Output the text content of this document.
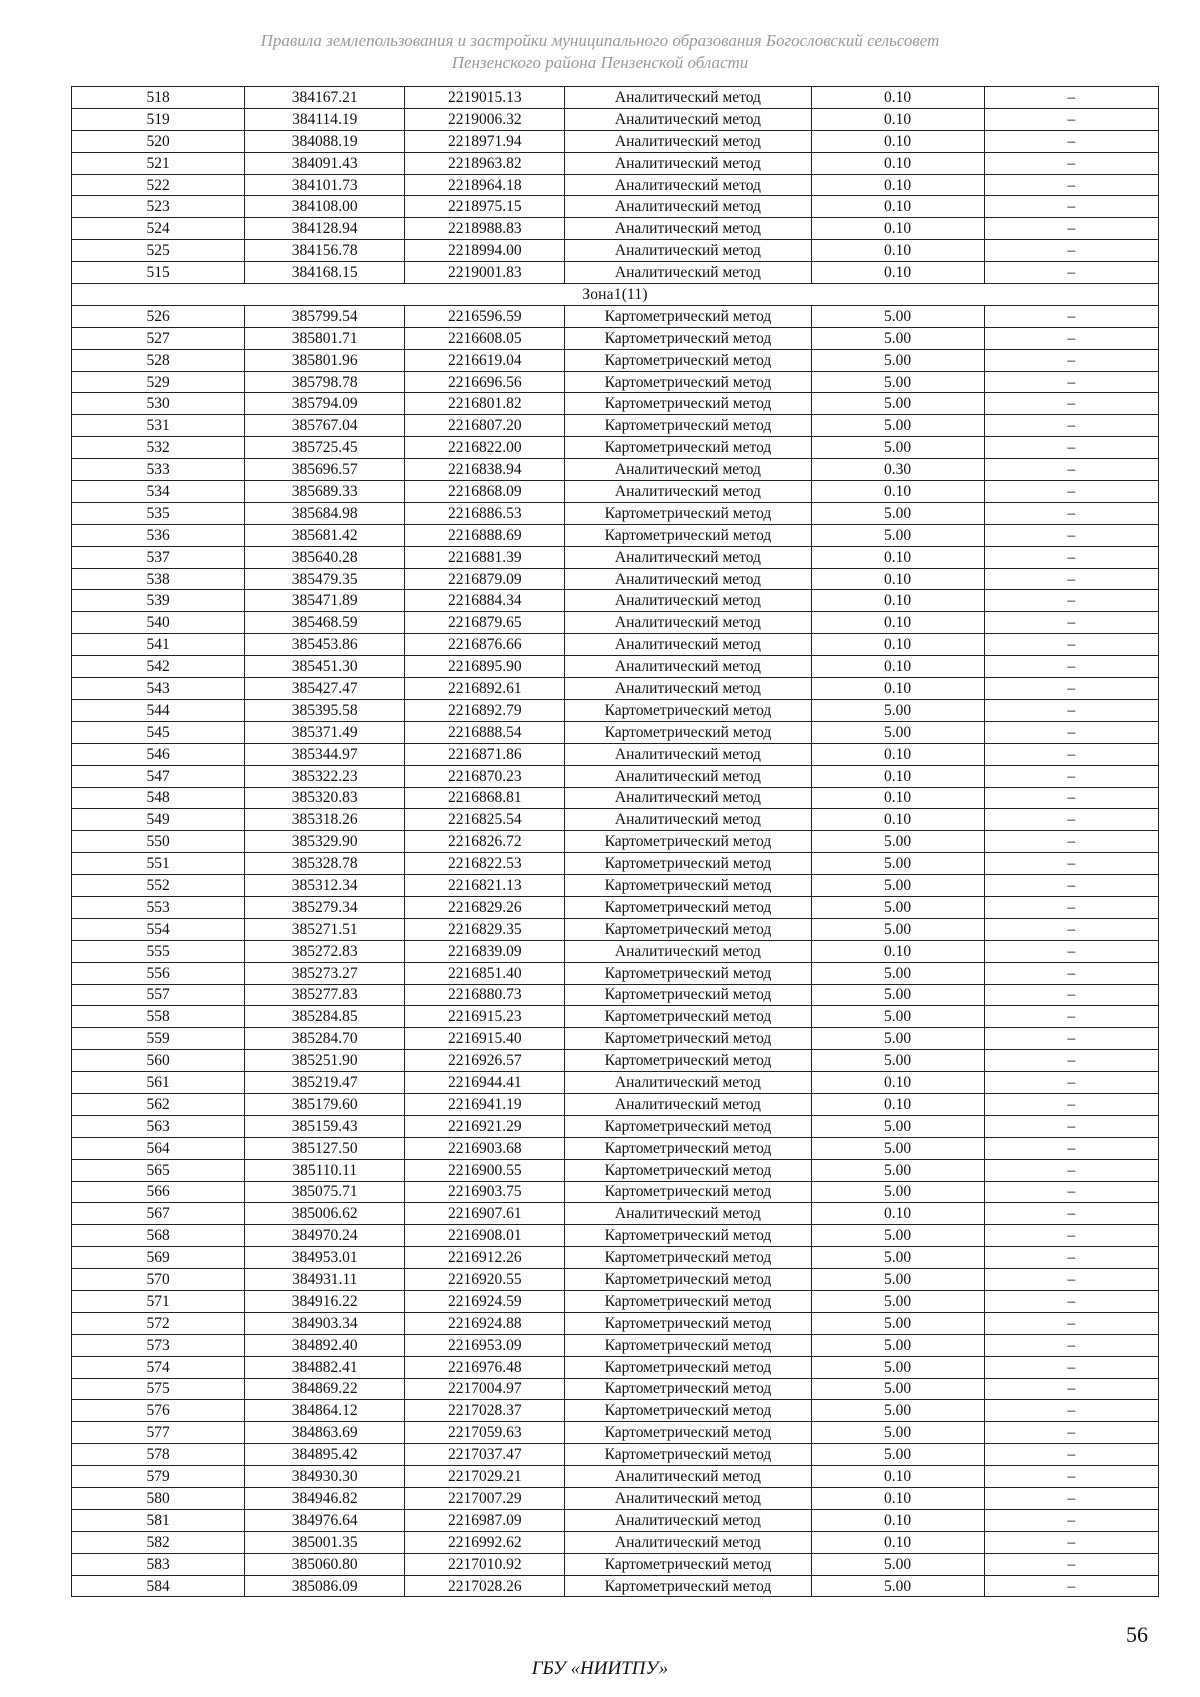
Правила землепользования и застройки муниципального образования Богословский сельсовет
Пензенского района Пензенской области
518	384167.21	2219015.13	Аналитический метод	0.10	–
519	384114.19	2219006.32	Аналитический метод	0.10	–
520	384088.19	2218971.94	Аналитический метод	0.10	–
521	384091.43	2218963.82	Аналитический метод	0.10	–
522	384101.73	2218964.18	Аналитический метод	0.10	–
523	384108.00	2218975.15	Аналитический метод	0.10	–
524	384128.94	2218988.83	Аналитический метод	0.10	–
525	384156.78	2218994.00	Аналитический метод	0.10	–
515	384168.15	2219001.83	Аналитический метод	0.10	–
Зона1(11)					
526	385799.54	2216596.59	Картометрический метод	5.00	–
527	385801.71	2216608.05	Картометрический метод	5.00	–
528	385801.96	2216619.04	Картометрический метод	5.00	–
529	385798.78	2216696.56	Картометрический метод	5.00	–
530	385794.09	2216801.82	Картометрический метод	5.00	–
531	385767.04	2216807.20	Картометрический метод	5.00	–
532	385725.45	2216822.00	Картометрический метод	5.00	–
533	385696.57	2216838.94	Аналитический метод	0.30	–
534	385689.33	2216868.09	Аналитический метод	0.10	–
535	385684.98	2216886.53	Картометрический метод	5.00	–
536	385681.42	2216888.69	Картометрический метод	5.00	–
537	385640.28	2216881.39	Аналитический метод	0.10	–
538	385479.35	2216879.09	Аналитический метод	0.10	–
539	385471.89	2216884.34	Аналитический метод	0.10	–
540	385468.59	2216879.65	Аналитический метод	0.10	–
541	385453.86	2216876.66	Аналитический метод	0.10	–
542	385451.30	2216895.90	Аналитический метод	0.10	–
543	385427.47	2216892.61	Аналитический метод	0.10	–
544	385395.58	2216892.79	Картометрический метод	5.00	–
545	385371.49	2216888.54	Картометрический метод	5.00	–
546	385344.97	2216871.86	Аналитический метод	0.10	–
547	385322.23	2216870.23	Аналитический метод	0.10	–
548	385320.83	2216868.81	Аналитический метод	0.10	–
549	385318.26	2216825.54	Аналитический метод	0.10	–
550	385329.90	2216826.72	Картометрический метод	5.00	–
551	385328.78	2216822.53	Картометрический метод	5.00	–
552	385312.34	2216821.13	Картометрический метод	5.00	–
553	385279.34	2216829.26	Картометрический метод	5.00	–
554	385271.51	2216829.35	Картометрический метод	5.00	–
555	385272.83	2216839.09	Аналитический метод	0.10	–
556	385273.27	2216851.40	Картометрический метод	5.00	–
557	385277.83	2216880.73	Картометрический метод	5.00	–
558	385284.85	2216915.23	Картометрический метод	5.00	–
559	385284.70	2216915.40	Картометрический метод	5.00	–
560	385251.90	2216926.57	Картометрический метод	5.00	–
561	385219.47	2216944.41	Аналитический метод	0.10	–
562	385179.60	2216941.19	Аналитический метод	0.10	–
563	385159.43	2216921.29	Картометрический метод	5.00	–
564	385127.50	2216903.68	Картометрический метод	5.00	–
565	385110.11	2216900.55	Картометрический метод	5.00	–
566	385075.71	2216903.75	Картометрический метод	5.00	–
567	385006.62	2216907.61	Аналитический метод	0.10	–
568	384970.24	2216908.01	Картометрический метод	5.00	–
569	384953.01	2216912.26	Картометрический метод	5.00	–
570	384931.11	2216920.55	Картометрический метод	5.00	–
571	384916.22	2216924.59	Картометрический метод	5.00	–
572	384903.34	2216924.88	Картометрический метод	5.00	–
573	384892.40	2216953.09	Картометрический метод	5.00	–
574	384882.41	2216976.48	Картометрический метод	5.00	–
575	384869.22	2217004.97	Картометрический метод	5.00	–
576	384864.12	2217028.37	Картометрический метод	5.00	–
577	384863.69	2217059.63	Картометрический метод	5.00	–
578	384895.42	2217037.47	Картометрический метод	5.00	–
579	384930.30	2217029.21	Аналитический метод	0.10	–
580	384946.82	2217007.29	Аналитический метод	0.10	–
581	384976.64	2216987.09	Аналитический метод	0.10	–
582	385001.35	2216992.62	Аналитический метод	0.10	–
583	385060.80	2217010.92	Картометрический метод	5.00	–
584	385086.09	2217028.26	Картометрический метод	5.00	–
56
ГБУ «НИИТПУ»
